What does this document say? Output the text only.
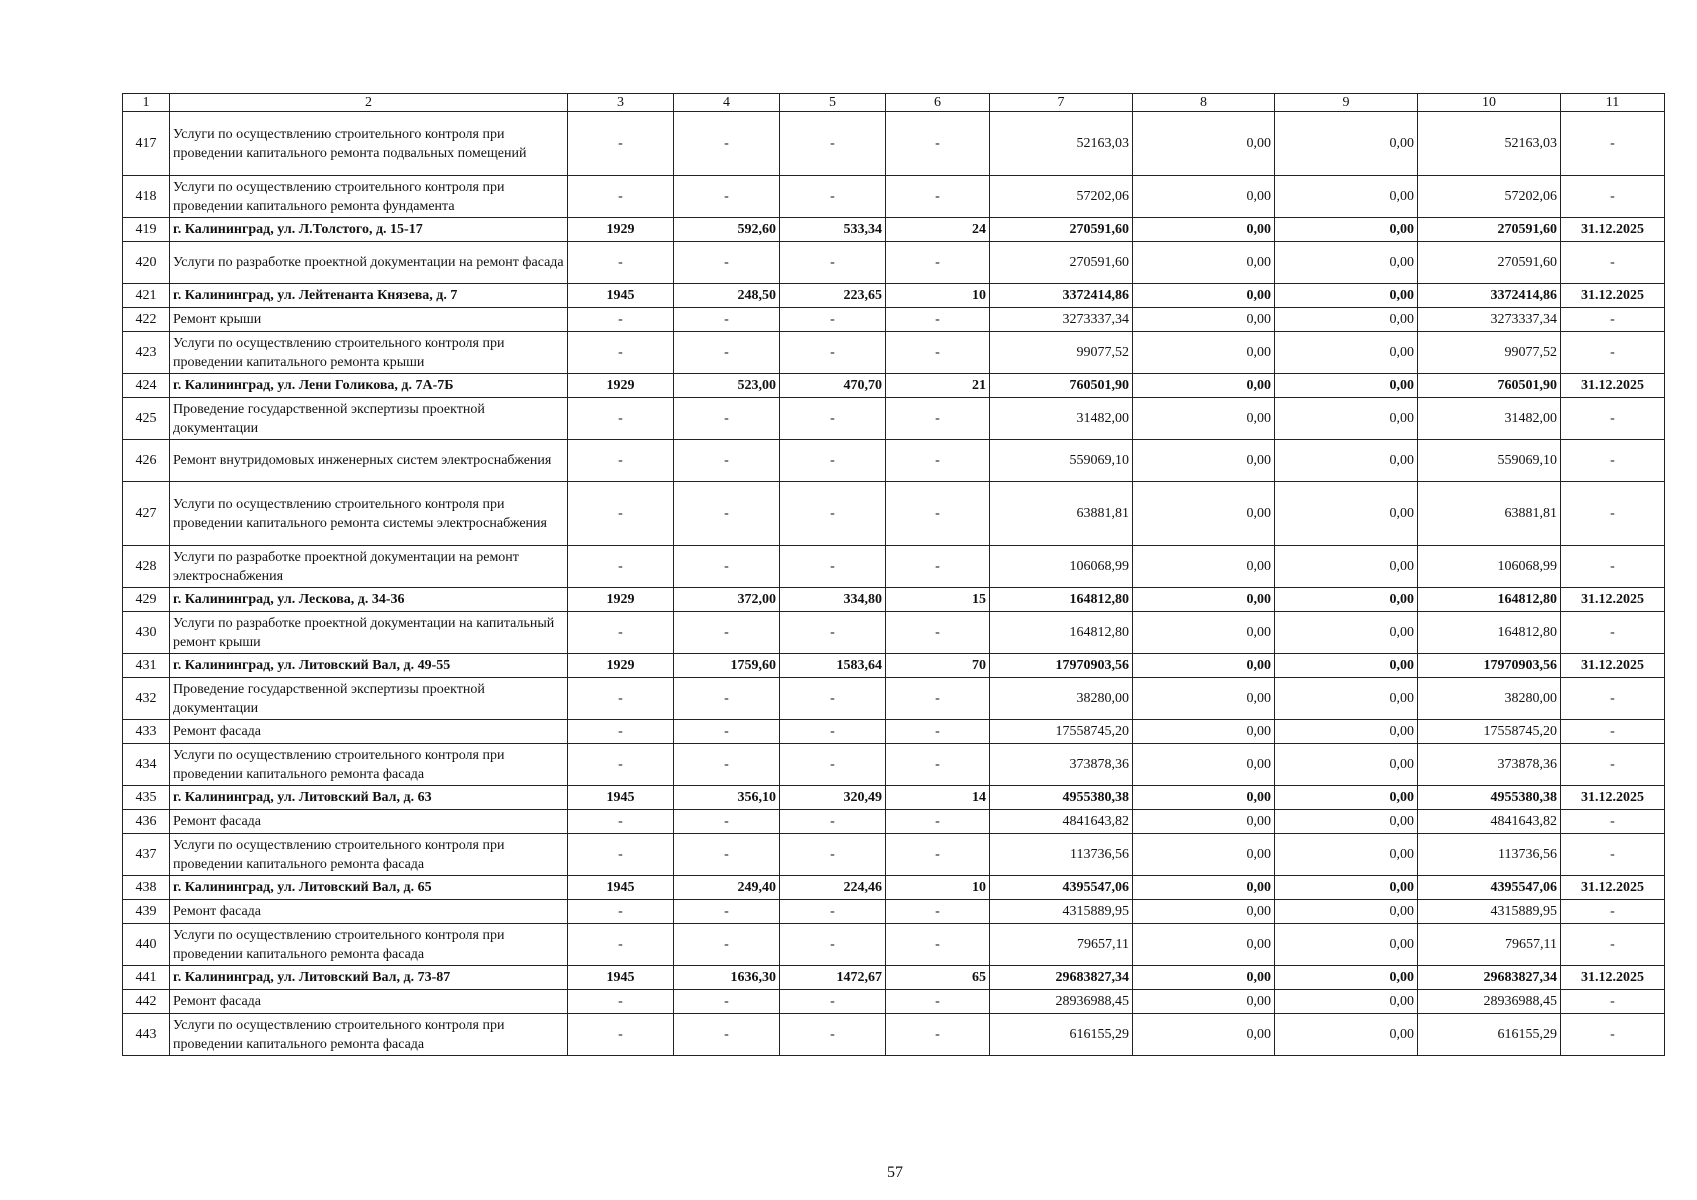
1	2	3	4	5	6	7	8	9	10	11
417	Услуги по осуществлению строительного контроля при проведении капитального ремонта подвальных помещений	-	-	-	-	52163,03	0,00	0,00	52163,03	-
418	Услуги по осуществлению строительного контроля при проведении капитального ремонта фундамента	-	-	-	-	57202,06	0,00	0,00	57202,06	-
419	г. Калининград, ул. Л.Толстого, д. 15-17	1929	592,60	533,34	24	270591,60	0,00	0,00	270591,60	31.12.2025
420	Услуги по разработке проектной документации на ремонт фасада	-	-	-	-	270591,60	0,00	0,00	270591,60	-
421	г. Калининград, ул. Лейтенанта Князева, д. 7	1945	248,50	223,65	10	3372414,86	0,00	0,00	3372414,86	31.12.2025
422	Ремонт крыши	-	-	-	-	3273337,34	0,00	0,00	3273337,34	-
423	Услуги по осуществлению строительного контроля при проведении капитального ремонта крыши	-	-	-	-	99077,52	0,00	0,00	99077,52	-
424	г. Калининград, ул. Лени Голикова, д. 7А-7Б	1929	523,00	470,70	21	760501,90	0,00	0,00	760501,90	31.12.2025
425	Проведение государственной экспертизы проектной документации	-	-	-	-	31482,00	0,00	0,00	31482,00	-
426	Ремонт внутридомовых инженерных систем электроснабжения	-	-	-	-	559069,10	0,00	0,00	559069,10	-
427	Услуги по осуществлению строительного контроля при проведении капитального ремонта системы электроснабжения	-	-	-	-	63881,81	0,00	0,00	63881,81	-
428	Услуги по разработке проектной документации на ремонт электроснабжения	-	-	-	-	106068,99	0,00	0,00	106068,99	-
429	г. Калининград, ул. Лескова, д. 34-36	1929	372,00	334,80	15	164812,80	0,00	0,00	164812,80	31.12.2025
430	Услуги по разработке проектной документации на капитальный ремонт крыши	-	-	-	-	164812,80	0,00	0,00	164812,80	-
431	г. Калининград, ул. Литовский Вал, д. 49-55	1929	1759,60	1583,64	70	17970903,56	0,00	0,00	17970903,56	31.12.2025
432	Проведение государственной экспертизы проектной документации	-	-	-	-	38280,00	0,00	0,00	38280,00	-
433	Ремонт фасада	-	-	-	-	17558745,20	0,00	0,00	17558745,20	-
434	Услуги по осуществлению строительного контроля при проведении капитального ремонта фасада	-	-	-	-	373878,36	0,00	0,00	373878,36	-
435	г. Калининград, ул. Литовский Вал, д. 63	1945	356,10	320,49	14	4955380,38	0,00	0,00	4955380,38	31.12.2025
436	Ремонт фасада	-	-	-	-	4841643,82	0,00	0,00	4841643,82	-
437	Услуги по осуществлению строительного контроля при проведении капитального ремонта фасада	-	-	-	-	113736,56	0,00	0,00	113736,56	-
438	г. Калининград, ул. Литовский Вал, д. 65	1945	249,40	224,46	10	4395547,06	0,00	0,00	4395547,06	31.12.2025
439	Ремонт фасада	-	-	-	-	4315889,95	0,00	0,00	4315889,95	-
440	Услуги по осуществлению строительного контроля при проведении капитального ремонта фасада	-	-	-	-	79657,11	0,00	0,00	79657,11	-
441	г. Калининград, ул. Литовский Вал, д. 73-87	1945	1636,30	1472,67	65	29683827,34	0,00	0,00	29683827,34	31.12.2025
442	Ремонт фасада	-	-	-	-	28936988,45	0,00	0,00	28936988,45	-
443	Услуги по осуществлению строительного контроля при проведении капитального ремонта фасада	-	-	-	-	616155,29	0,00	0,00	616155,29	-
57
